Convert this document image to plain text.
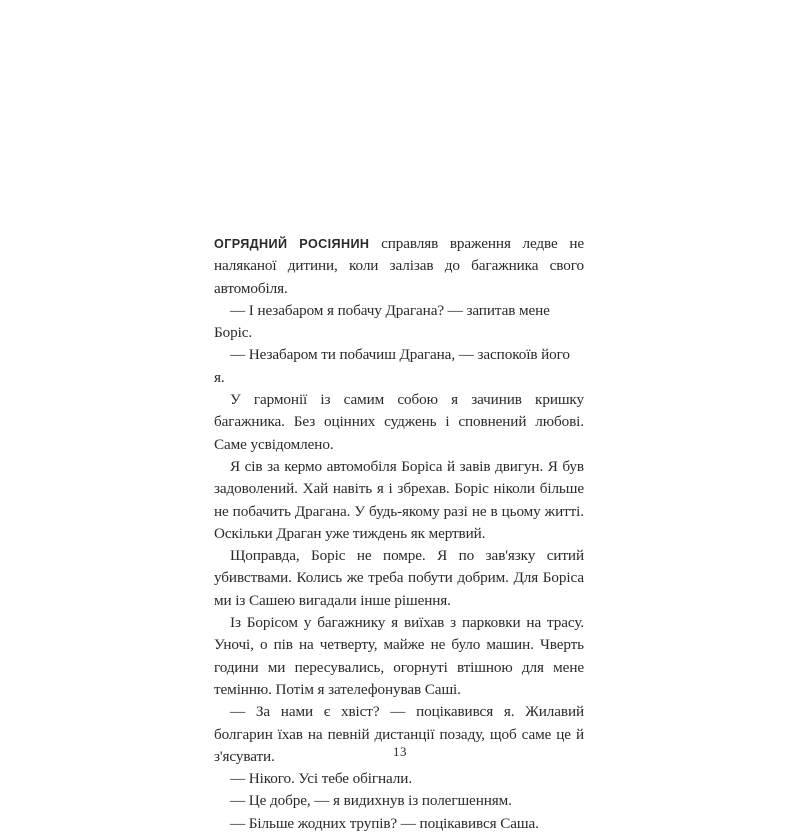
ОГРЯДНИЙ РОСІЯНИН справляв враження ледве не наляканої дитини, коли залізав до багажника свого автомобіля.

— І незабаром я побачу Драгана? — запитав мене Боріс.

— Незабаром ти побачиш Драгана, — заспокоїв його я.

У гармонії із самим собою я зачинив кришку багажника. Без оцінних суджень і сповнений любові. Саме усвідомлено.

Я сів за кермо автомобіля Боріса й завів двигун. Я був задоволений. Хай навіть я і збрехав. Боріс ніколи більше не побачить Драгана. У будь-якому разі не в цьому житті. Оскільки Драган уже тиждень як мертвий.

Щоправда, Боріс не помре. Я по зав'язку ситий убивствами. Колись же треба побути добрим. Для Боріса ми із Сашею вигадали інше рішення.

Із Борісом у багажнику я виїхав з парковки на трасу. Уночі, о пів на четверту, майже не було машин. Чверть години ми пересувались, огорнуті втішною для мене темінню. Потім я зателефонував Саші.

— За нами є хвіст? — поцікавився я. Жилавий болгарин їхав на певній дистанції позаду, щоб саме це й з'ясувати.

— Нікого. Усі тебе обігнали.

— Це добре, — я видихнув із полегшенням.

— Більше жодних трупів? — поцікавився Саша.

13
